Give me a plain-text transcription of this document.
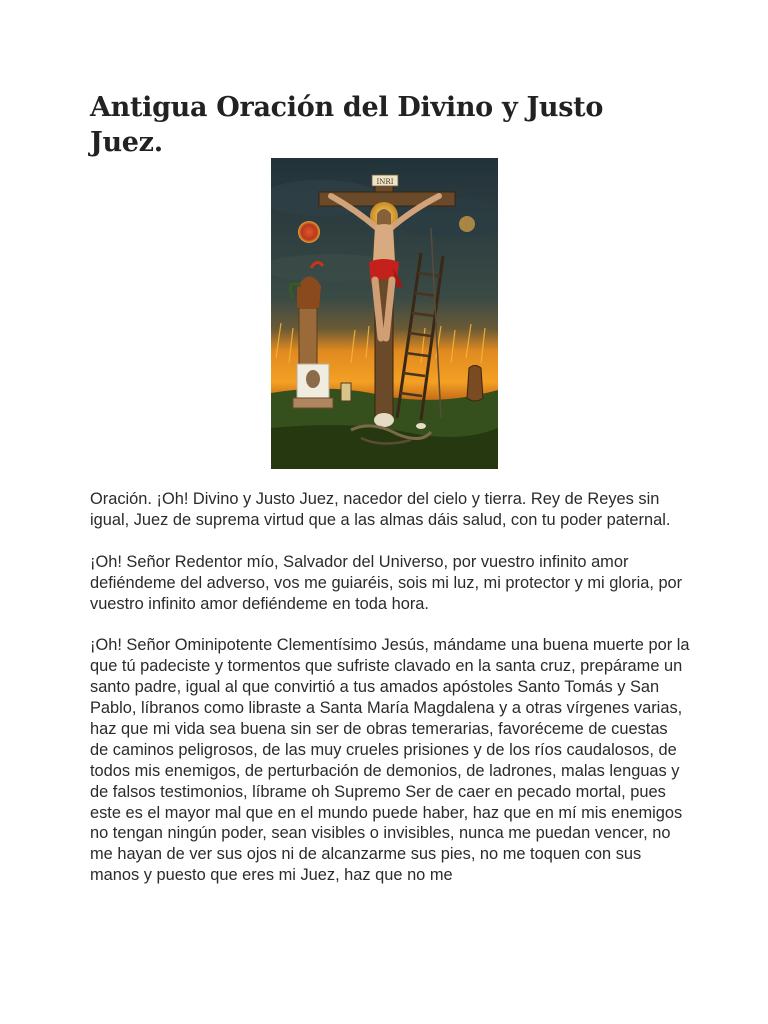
Antigua Oración del Divino y Justo Juez.
INRI

Oración. ¡Oh! Divino y Justo Juez, nacedor del cielo y tierra. Rey de Reyes sin igual, Juez de suprema virtud que a las almas dáis salud, con tu poder paternal.

¡Oh! Señor Redentor mío, Salvador del Universo, por vuestro infinito amor defiéndeme del adverso, vos me guiaréis, sois mi luz, mi protector y mi gloria, por vuestro infinito amor defiéndeme en toda hora.

¡Oh! Señor Ominipotente Clementísimo Jesús, mándame una buena muerte por la que tú padeciste y tormentos que sufriste clavado en la santa cruz, prepárame un santo padre, igual al que convirtió a tus amados apóstoles Santo Tomás y San Pablo, líbranos como libraste a Santa María Magdalena y a otras vírgenes varias, haz que mi vida sea buena sin ser de obras temerarias, favoréceme de cuestas de caminos peligrosos, de las muy crueles prisiones y de los ríos caudalosos, de todos mis enemigos, de perturbación de demonios, de ladrones, malas lenguas y de falsos testimonios, líbrame oh Supremo Ser de caer en pecado mortal, pues este es el mayor mal que en el mundo puede haber, haz que en mí mis enemigos no tengan ningún poder, sean visibles o invisibles, nunca me puedan vencer, no me hayan de ver sus ojos ni de alcanzarme sus pies, no me toquen con sus manos y puesto que eres mi Juez, haz que no me
